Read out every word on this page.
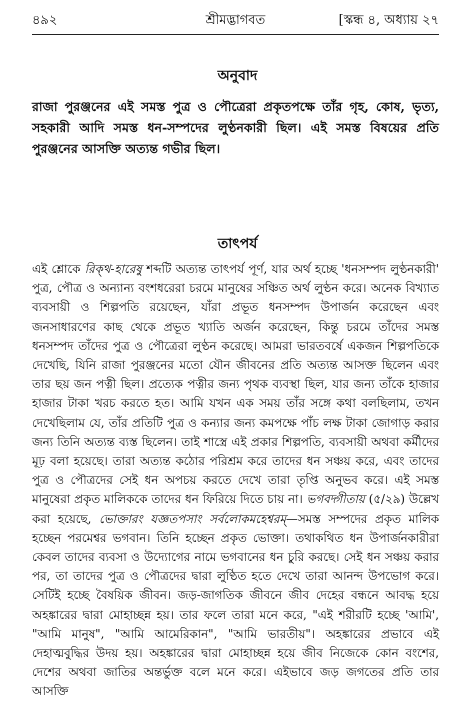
৪৯২	শ্রীমদ্ভাগবত	[স্কন্ধ ৪, অধ্যায় ২৭
অনুবাদ
রাজা পুরঞ্জনের এই সমস্ত পুত্র ও পৌত্রেরা প্রকৃতপক্ষে তাঁর গৃহ, কোষ, ভৃত্য, সহকারী আদি সমস্ত ধন-সম্পদের লুণ্ঠনকারী ছিল। এই সমস্ত বিষয়ের প্রতি পুরঞ্জনের আসক্তি অত্যন্ত গভীর ছিল।
তাৎপর্য

এই শ্লোকে রিক্থ-হারেষু শব্দটি অত্যন্ত তাৎপর্য পূর্ণ, যার অর্থ হচ্ছে 'ধনসম্পদ লুণ্ঠনকারী' পুত্র, পৌত্র ও অন্যান্য বংশধরেরা চরমে মানুষের সঞ্চিত অর্থ লুণ্ঠন করে। অনেক বিখ্যাত ব্যবসায়ী ও শিল্পপতি রয়েছেন, যাঁরা প্রভূত ধনসম্পদ উপার্জন করেছেন এবং জনসাধারণের কাছ থেকে প্রভূত খ্যাতি অর্জন করেছেন, কিন্তু চরমে তাঁদের সমস্ত ধনসম্পদ তাঁদের পুত্র ও পৌত্রেরা লুণ্ঠন করেছে। আমরা ভারতবর্ষে একজন শিল্পপতিকে দেখেছি, যিনি রাজা পুরঞ্জনের মতো যৌন জীবনের প্রতি অত্যন্ত আসক্ত ছিলেন এবং তার ছয় জন পত্নী ছিল। প্রত্যেক পত্নীর জন্য পৃথক ব্যবস্থা ছিল, যার জন্য তাঁকে হাজার হাজার টাকা খরচ করতে হত। আমি যখন এক সময় তাঁর সঙ্গে কথা বলছিলাম, তখন দেখেছিলাম যে, তাঁর প্রতিটি পুত্র ও কন্যার জন্য কমপক্ষে পাঁচ লক্ষ টাকা জোগাড় করার জন্য তিনি অত্যন্ত ব্যস্ত ছিলেন। তাই শাস্ত্রে এই প্রকার শিল্পপতি, ব্যবসায়ী অথবা কর্মীদের মূঢ় বলা হয়েছে। তারা অত্যন্ত কঠোর পরিশ্রম করে তাদের ধন সঞ্চয় করে, এবং তাদের পুত্র ও পৌত্রদের সেই ধন অপচয় করতে দেখে তারা তৃপ্তি অনুভব করে। এই সমস্ত মানুষেরা প্রকৃত মালিককে তাদের ধন ফিরিয়ে দিতে চায় না। ভগবদ্গীতায় (৫/২৯) উল্লেখ করা হয়েছে, ভোক্তারং যজ্ঞতপসাং সর্বলোকমহেশ্বরম্—সমস্ত সম্পদের প্রকৃত মালিক হচ্ছেন পরমেশ্বর ভগবান। তিনি হচ্ছেন প্রকৃত ভোক্তা। তথাকথিত ধন উপার্জনকারীরা কেবল তাদের ব্যবসা ও উদ্যোগের নামে ভগবানের ধন চুরি করছে। সেই ধন সঞ্চয় করার পর, তা তাদের পুত্র ও পৌত্রদের দ্বারা লুণ্ঠিত হতে দেখে তারা আনন্দ উপভোগ করে। সেটিই হচ্ছে বৈষয়িক জীবন। জড়-জাগতিক জীবনে জীব দেহের বন্ধনে আবদ্ধ হয়ে অহঙ্কারের দ্বারা মোহাচ্ছন্ন হয়। তার ফলে তারা মনে করে, "এই শরীরটি হচ্ছে 'আমি', "আমি মানুষ", "আমি আমেরিকান", "আমি ভারতীয়"। অহঙ্কারের প্রভাবে এই দেহাত্মবুদ্ধির উদয় হয়। অহঙ্কারের দ্বারা মোহাচ্ছন্ন হয়ে জীব নিজেকে কোন বংশের, দেশের অথবা জাতির অন্তর্ভুক্ত বলে মনে করে। এইভাবে জড় জগতের প্রতি তার আসক্তি
